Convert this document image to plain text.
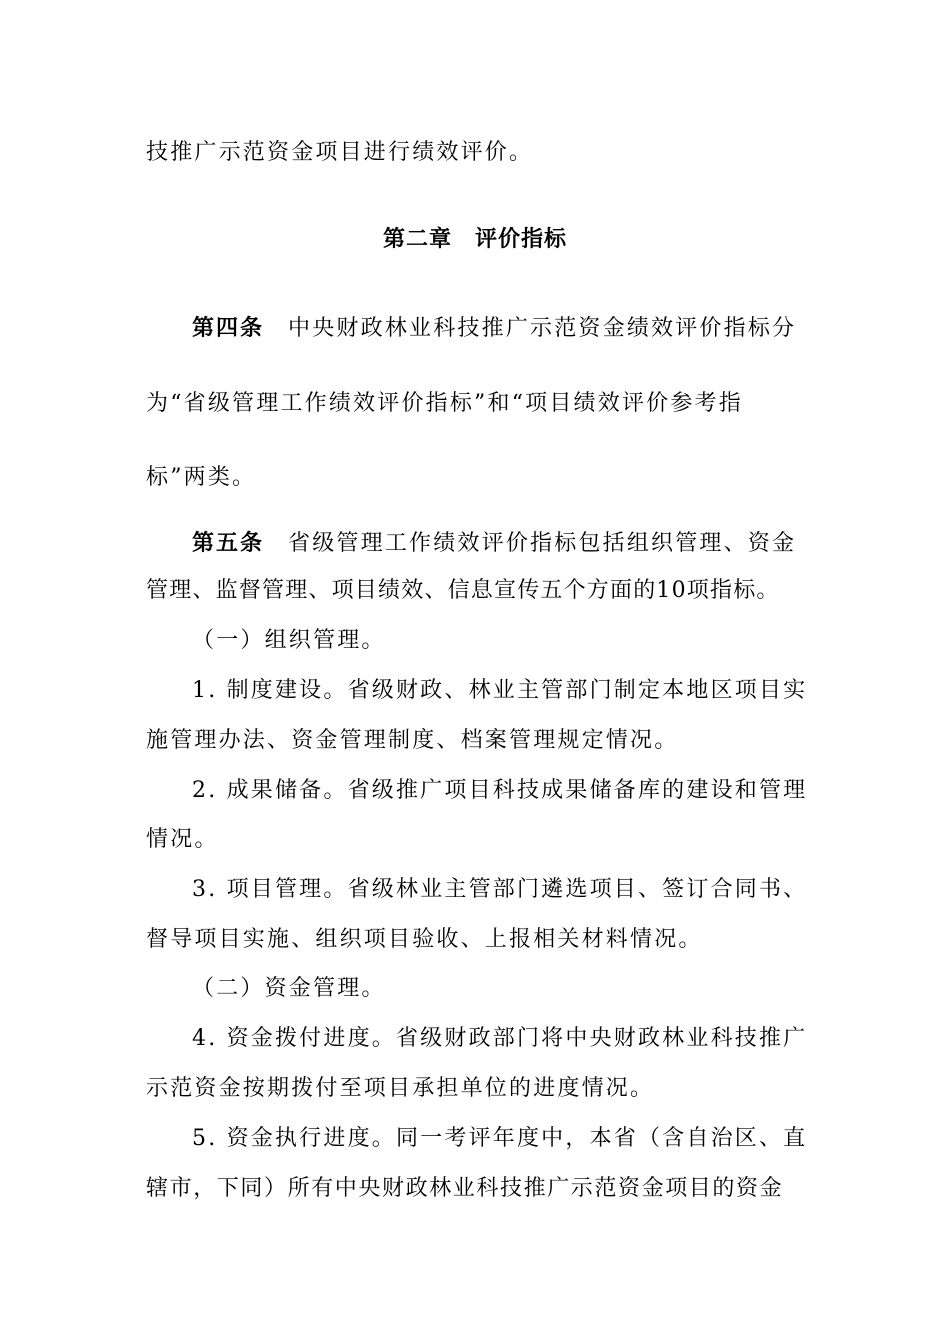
技推广示范资金项目进行绩效评价。
第二章　评价指标
第四条 中央财政林业科技推广示范资金绩效评价指标分
为“省级管理工作绩效评价指标”和“项目绩效评价参考指
标”两类。
第五条 省级管理工作绩效评价指标包括组织管理、资金
管理、监督管理、项目绩效、信息宣传五个方面的10项指标。
（一）组织管理。
1. 制度建设。省级财政、林业主管部门制定本地区项目实
施管理办法、资金管理制度、档案管理规定情况。
2. 成果储备。省级推广项目科技成果储备库的建设和管理
情况。
3. 项目管理。省级林业主管部门遴选项目、签订合同书、
督导项目实施、组织项目验收、上报相关材料情况。
（二）资金管理。
4. 资金拨付进度。省级财政部门将中央财政林业科技推广
示范资金按期拨付至项目承担单位的进度情况。
5. 资金执行进度。同一考评年度中，本省（含自治区、直
辖市，下同）所有中央财政林业科技推广示范资金项目的资金
